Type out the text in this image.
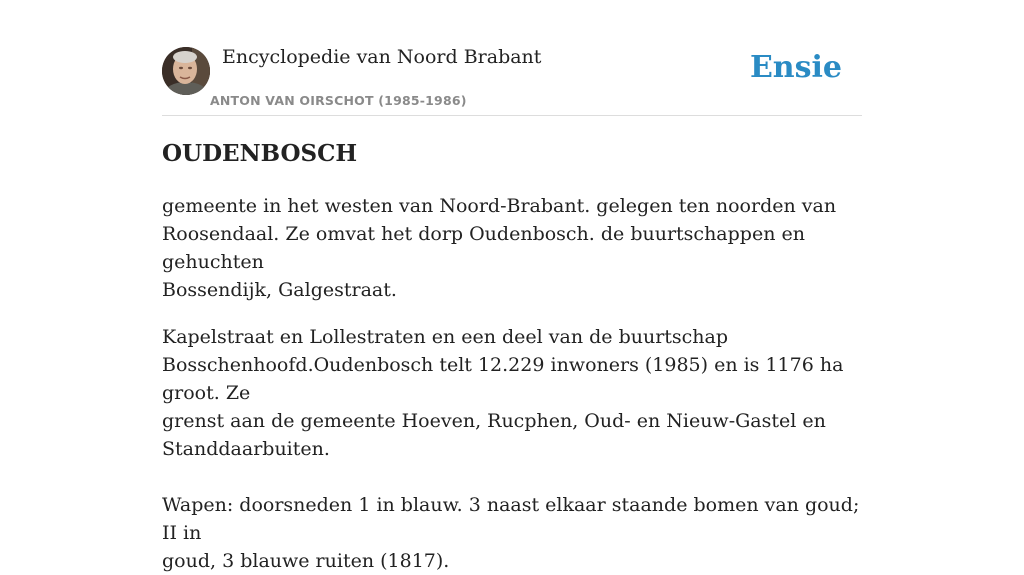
Encyclopedie van Noord Brabant
ANTON VAN OIRSCHOT (1985-1986)
Ensie
OUDENBOSCH

gemeente in het westen van Noord-Brabant. gelegen ten noorden van
Roosendaal. Ze omvat het dorp Oudenbosch. de buurtschappen en gehuchten
Bossendijk, Galgestraat.

Kapelstraat en Lollestraten en een deel van de buurtschap
Bosschenhoofd.Oudenbosch telt 12.229 inwoners (1985) en is 1176 ha groot. Ze
grenst aan de gemeente Hoeven, Rucphen, Oud- en Nieuw-Gastel en
Standdaarbuiten.

Wapen: doorsneden 1 in blauw. 3 naast elkaar staande bomen van goud; II in
goud, 3 blauwe ruiten (1817).
